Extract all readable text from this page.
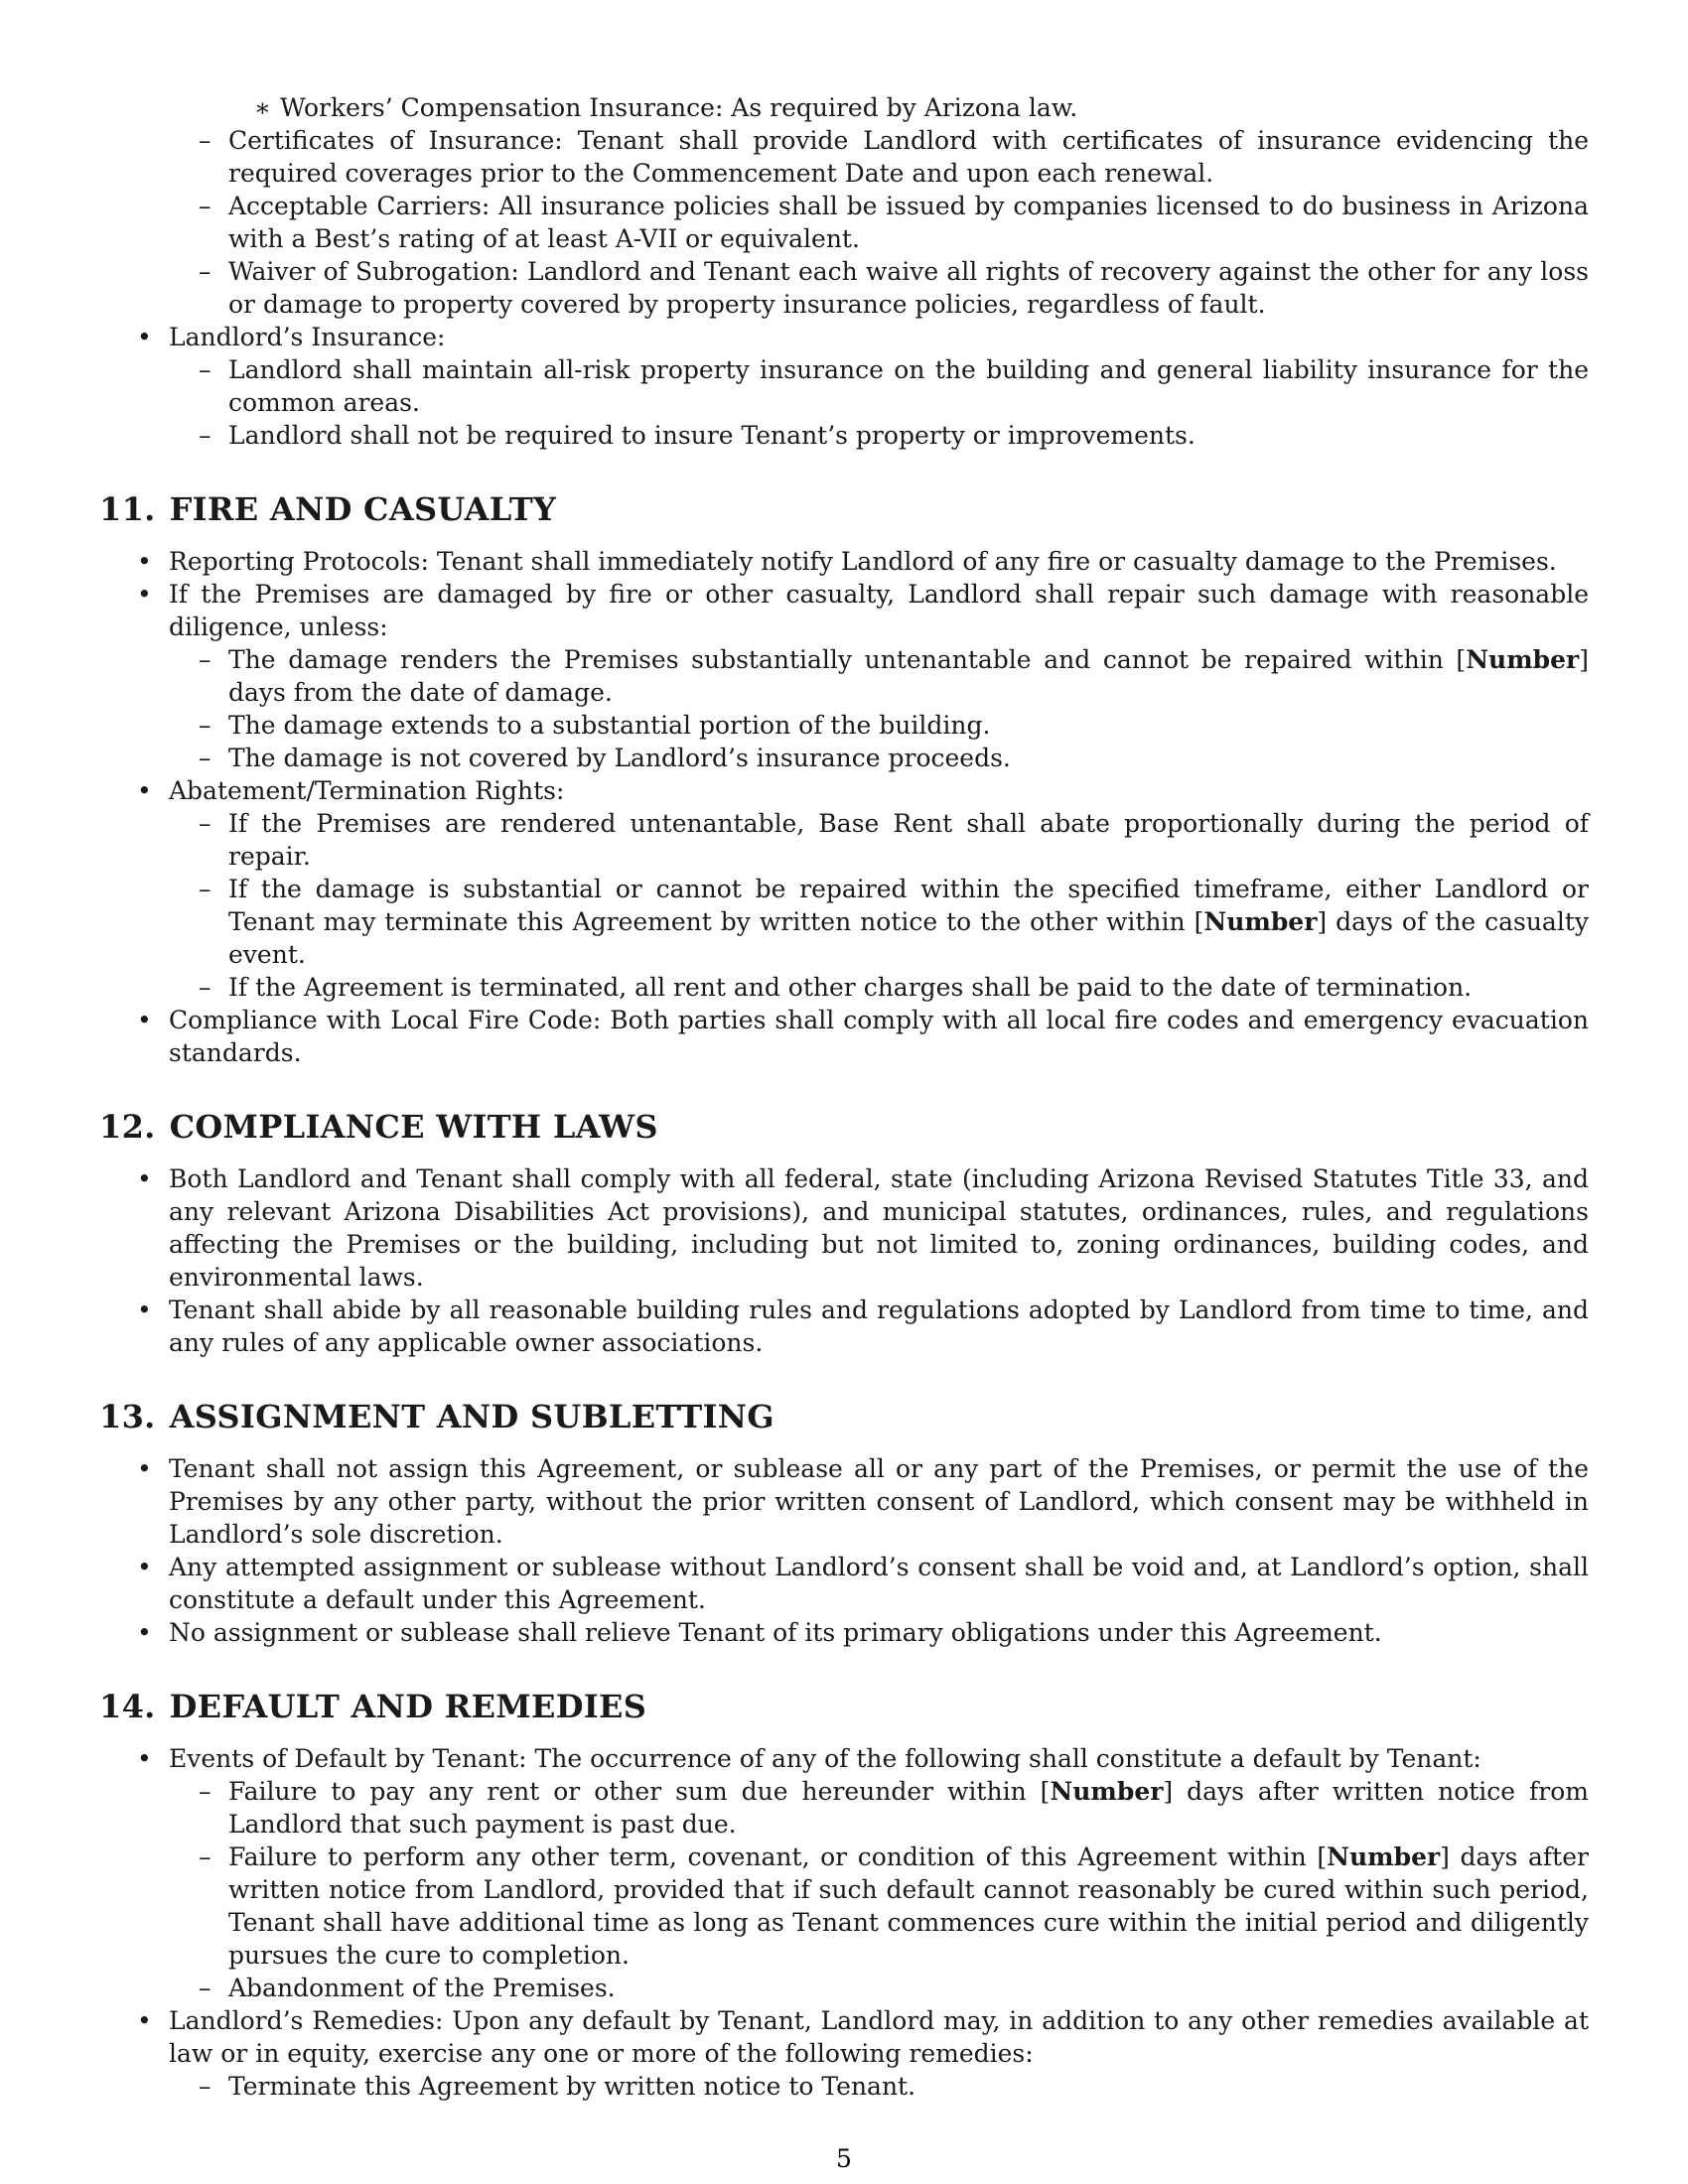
∗ Workers’ Compensation Insurance: As required by Arizona law.
– Certificates of Insurance: Tenant shall provide Landlord with certificates of insurance evidencing the required coverages prior to the Commencement Date and upon each renewal.
– Acceptable Carriers: All insurance policies shall be issued by companies licensed to do business in Arizona with a Best’s rating of at least A-VII or equivalent.
– Waiver of Subrogation: Landlord and Tenant each waive all rights of recovery against the other for any loss or damage to property covered by property insurance policies, regardless of fault.
• Landlord’s Insurance:
– Landlord shall maintain all-risk property insurance on the building and general liability insurance for the common areas.
– Landlord shall not be required to insure Tenant’s property or improvements.
11. FIRE AND CASUALTY
• Reporting Protocols: Tenant shall immediately notify Landlord of any fire or casualty damage to the Premises.
• If the Premises are damaged by fire or other casualty, Landlord shall repair such damage with reasonable diligence, unless:
– The damage renders the Premises substantially untenantable and cannot be repaired within [Number] days from the date of damage.
– The damage extends to a substantial portion of the building.
– The damage is not covered by Landlord’s insurance proceeds.
• Abatement/Termination Rights:
– If the Premises are rendered untenantable, Base Rent shall abate proportionally during the period of repair.
– If the damage is substantial or cannot be repaired within the specified timeframe, either Landlord or Tenant may terminate this Agreement by written notice to the other within [Number] days of the casualty event.
– If the Agreement is terminated, all rent and other charges shall be paid to the date of termination.
• Compliance with Local Fire Code: Both parties shall comply with all local fire codes and emergency evacuation standards.
12. COMPLIANCE WITH LAWS
• Both Landlord and Tenant shall comply with all federal, state (including Arizona Revised Statutes Title 33, and any relevant Arizona Disabilities Act provisions), and municipal statutes, ordinances, rules, and regulations affecting the Premises or the building, including but not limited to, zoning ordinances, building codes, and environmental laws.
• Tenant shall abide by all reasonable building rules and regulations adopted by Landlord from time to time, and any rules of any applicable owner associations.
13. ASSIGNMENT AND SUBLETTING
• Tenant shall not assign this Agreement, or sublease all or any part of the Premises, or permit the use of the Premises by any other party, without the prior written consent of Landlord, which consent may be withheld in Landlord’s sole discretion.
• Any attempted assignment or sublease without Landlord’s consent shall be void and, at Landlord’s option, shall constitute a default under this Agreement.
• No assignment or sublease shall relieve Tenant of its primary obligations under this Agreement.
14. DEFAULT AND REMEDIES
• Events of Default by Tenant: The occurrence of any of the following shall constitute a default by Tenant:
– Failure to pay any rent or other sum due hereunder within [Number] days after written notice from Landlord that such payment is past due.
– Failure to perform any other term, covenant, or condition of this Agreement within [Number] days after written notice from Landlord, provided that if such default cannot reasonably be cured within such period, Tenant shall have additional time as long as Tenant commences cure within the initial period and diligently pursues the cure to completion.
– Abandonment of the Premises.
• Landlord’s Remedies: Upon any default by Tenant, Landlord may, in addition to any other remedies available at law or in equity, exercise any one or more of the following remedies:
– Terminate this Agreement by written notice to Tenant.
5
